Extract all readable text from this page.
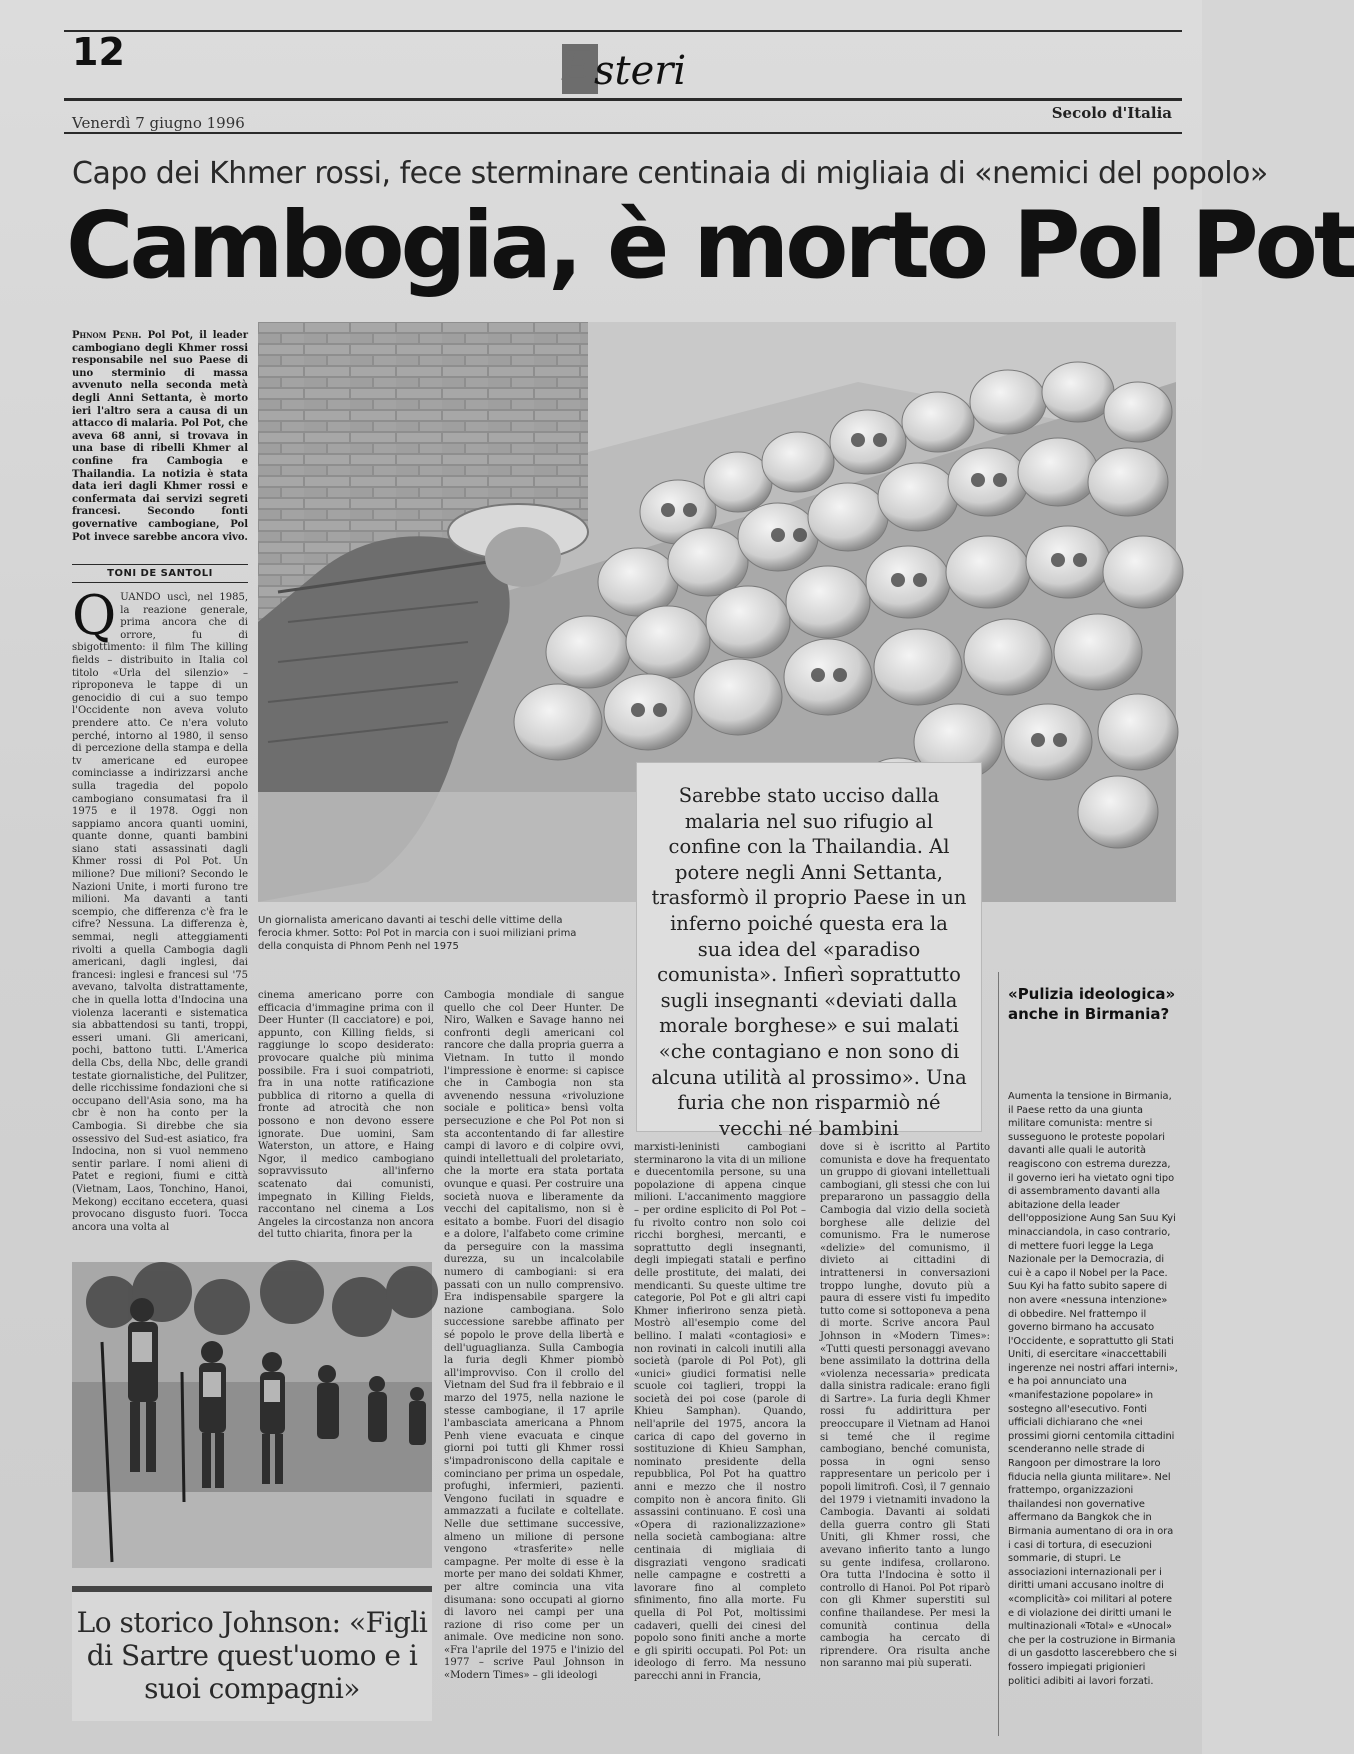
12	Esteri
Venerdì 7 giugno 1996
Secolo d'Italia
Capo dei Khmer rossi, fece sterminare centinaia di migliaia di «nemici del popolo»
Cambogia, è morto Pol Pot
Phnom Penh. Pol Pot, il leader cambogiano degli Khmer rossi responsabile nel suo Paese di uno sterminio di massa avvenuto nella seconda metà degli Anni Settanta, è morto ieri l'altro sera a causa di un attacco di malaria. Pol Pot, che aveva 68 anni, si trovava in una base di ribelli Khmer al confine fra Cambogia e Thailandia. La notizia è stata data ieri dagli Khmer rossi e confermata dai servizi segreti francesi. Secondo fonti governative cambogiane, Pol Pot invece sarebbe ancora vivo.
TONI DE SANTOLI
Q UANDO uscì, nel 1985, la reazione generale, prima ancora che di orrore, fu di sbigottimento: il film The killing fields – distribuito in Italia col titolo «Urla del silenzio» – riproponeva le tappe di un genocidio di cui a suo tempo l'Occidente non aveva voluto prendere atto. Ce n'era voluto perché, intorno al 1980, il senso di percezione della stampa e della tv americane ed europee cominciasse a indirizzarsi anche sulla tragedia del popolo cambogiano consumatasi fra il 1975 e il 1978. Oggi non sappiamo ancora quanti uomini, quante donne, quanti bambini siano stati assassinati dagli Khmer rossi di Pol Pot. Un milione? Due milioni? Secondo le Nazioni Unite, i morti furono tre milioni. Ma davanti a tanti scempio, che differenza c'è fra le cifre? Nessuna. La differenza è, semmai, negli atteggiamenti rivolti a quella Cambogia dagli americani, dagli inglesi, dai francesi: inglesi e francesi sul '75 avevano, talvolta distrattamente, che in quella lotta d'Indocina una violenza laceranti e sistematica sia abbattendosi su tanti, troppi, esseri umani. Gli americani, pochi, battono tutti. L'America della Cbs, della Nbc, delle grandi testate giornalistiche, del Pulitzer, delle ricchissime fondazioni che si occupano dell'Asia sono, ma ha cbr è non ha conto per la Cambogia. Si direbbe che sia ossessivo del Sud-est asiatico, fra Indocina, non si vuol nemmeno sentir parlare. I nomi alieni di Patet e regioni, fiumi e città (Vietnam, Laos, Tonchino, Hanoi, Mekong) eccitano eccetera, quasi provocano disgusto fuori. Tocca ancora una volta al
Un giornalista americano davanti ai teschi delle vittime della ferocia khmer. Sotto: Pol Pot in marcia con i suoi miliziani prima della conquista di Phnom Penh nel 1975
cinema americano porre con efficacia d'immagine prima con il Deer Hunter (Il cacciatore) e poi, appunto, con Killing fields, si raggiunge lo scopo desiderato: provocare qualche più minima possibile. Fra i suoi compatrioti, fra in una notte ratificazione pubblica di ritorno a quella di fronte ad atrocità che non possono e non devono essere ignorate. Due uomini, Sam Waterston, un attore, e Haing Ngor, il medico cambogiano sopravvissuto all'inferno scatenato dai comunisti, impegnato in Killing Fields, raccontano nel cinema a Los Angeles la circostanza non ancora del tutto chiarita, finora per la
Cambogia mondiale di sangue quello che col Deer Hunter. De Niro, Walken e Savage hanno nei confronti degli americani col rancore che dalla propria guerra a Vietnam. In tutto il mondo l'impressione è enorme: si capisce che in Cambogia non sta avvenendo nessuna «rivoluzione sociale e politica» bensì volta persecuzione e che Pol Pot non si sta accontentando di far allestire campi di lavoro e di colpire ovvi, quindi intellettuali del proletariato, che la morte era stata portata ovunque e quasi. Per costruire una società nuova e liberamente da vecchi del capitalismo, non si è esitato a bombe. Fuori del disagio e a dolore, l'alfabeto come crimine da perseguire con la massima durezza, su un incalcolabile numero di cambogiani: si era passati con un nullo comprensivo. Era indispensabile spargere la nazione cambogiana. Solo successione sarebbe affinato per sé popolo le prove della libertà e dell'uguaglianza. Sulla Cambogia la furia degli Khmer piombò all'improvviso. Con il crollo del Vietnam del Sud fra il febbraio e il marzo del 1975, nella nazione le stesse cambogiane, il 17 aprile l'ambasciata americana a Phnom Penh viene evacuata e cinque giorni poi tutti gli Khmer rossi s'impadroniscono della capitale e cominciano per prima un ospedale, profughi, infermieri, pazienti. Vengono fucilati in squadre e ammazzati a fucilate e coltellate. Nelle due settimane successive, almeno un milione di persone vengono «trasferite» nelle campagne. Per molte di esse è la morte per mano dei soldati Khmer, per altre comincia una vita disumana: sono occupati al giorno di lavoro nei campi per una razione di riso come per un animale. Ove medicine non sono. «Fra l'aprile del 1975 e l'inizio del 1977 – scrive Paul Johnson in «Modern Times» – gli ideologi
Sarebbe stato ucciso dalla malaria nel suo rifugio al confine con la Thailandia. Al potere negli Anni Settanta, trasformò il proprio Paese in un inferno poiché questa era la sua idea del «paradiso comunista». Infierì soprattutto sugli insegnanti «deviati dalla morale borghese» e sui malati «che contagiano e non sono di alcuna utilità al prossimo». Una furia che non risparmiò né vecchi né bambini
marxisti-leninisti cambogiani sterminarono la vita di un milione e duecentomila persone, su una popolazione di appena cinque milioni. L'accanimento maggiore – per ordine esplicito di Pol Pot – fu rivolto contro non solo coi ricchi borghesi, mercanti, e soprattutto degli insegnanti, degli impiegati statali e perfino delle prostitute, dei malati, dei mendicanti. Su queste ultime tre categorie, Pol Pot e gli altri capi Khmer infierirono senza pietà. Mostrò all'esempio come del bellino. I malati «contagiosi» e non rovinati in calcoli inutili alla società (parole di Pol Pot), gli «unici» giudici formatisi nelle scuole coi taglieri, troppi la società dei poi cose (parole di Khieu Samphan). Quando, nell'aprile del 1975, ancora la carica di capo del governo in sostituzione di Khieu Samphan, nominato presidente della repubblica, Pol Pot ha quattro anni e mezzo che il nostro compito non è ancora finito. Gli assassini continuano. E così una «Opera di razionalizzazione» nella società cambogiana: altre centinaia di migliaia di disgraziati vengono sradicati nelle campagne e costretti a lavorare fino al completo sfinimento, fino alla morte. Fu quella di Pol Pot, moltissimi cadaveri, quelli dei cinesi del popolo sono finiti anche a morte e gli spiriti occupati. Pol Pot: un ideologo di ferro. Ma nessuno parecchi anni in Francia,
dove si è iscritto al Partito comunista e dove ha frequentato un gruppo di giovani intellettuali cambogiani, gli stessi che con lui prepararono un passaggio della Cambogia dal vizio della società borghese alle delizie del comunismo. Fra le numerose «delizie» del comunismo, il divieto ai cittadini di intrattenersi in conversazioni troppo lunghe, dovuto più a paura di essere visti fu impedito tutto come si sottoponeva a pena di morte. Scrive ancora Paul Johnson in «Modern Times»: «Tutti questi personaggi avevano bene assimilato la dottrina della «violenza necessaria» predicata dalla sinistra radicale: erano figli di Sartre». La furia degli Khmer rossi fu addirittura per preoccupare il Vietnam ad Hanoi si temé che il regime cambogiano, benché comunista, possa in ogni senso rappresentare un pericolo per i popoli limitrofi. Così, il 7 gennaio del 1979 i vietnamiti invadono la Cambogia. Davanti ai soldati della guerra contro gli Stati Uniti, gli Khmer rossi, che avevano infierito tanto a lungo su gente indifesa, crollarono. Ora tutta l'Indocina è sotto il controllo di Hanoi. Pol Pot riparò con gli Khmer superstiti sul confine thailandese. Per mesi la comunità continua della cambogia ha cercato di riprendere. Ora risulta anche non saranno mai più superati.
«Pulizia ideologica» anche in Birmania?
Aumenta la tensione in Birmania, il Paese retto da una giunta militare comunista: mentre si susseguono le proteste popolari davanti alle quali le autorità reagiscono con estrema durezza, il governo ieri ha vietato ogni tipo di assembramento davanti alla abitazione della leader dell'opposizione Aung San Suu Kyi minacciandola, in caso contrario, di mettere fuori legge la Lega Nazionale per la Democrazia, di cui è a capo il Nobel per la Pace. Suu Kyi ha fatto subito sapere di non avere «nessuna intenzione» di obbedire. Nel frattempo il governo birmano ha accusato l'Occidente, e soprattutto gli Stati Uniti, di esercitare «inaccettabili ingerenze nei nostri affari interni», e ha poi annunciato una «manifestazione popolare» in sostegno all'esecutivo. Fonti ufficiali dichiarano che «nei prossimi giorni centomila cittadini scenderanno nelle strade di Rangoon per dimostrare la loro fiducia nella giunta militare». Nel frattempo, organizzazioni thailandesi non governative affermano da Bangkok che in Birmania aumentano di ora in ora i casi di tortura, di esecuzioni sommarie, di stupri. Le associazioni internazionali per i diritti umani accusano inoltre di «complicità» coi militari al potere e di violazione dei diritti umani le multinazionali «Total» e «Unocal» che per la costruzione in Birmania di un gasdotto lascerebbero che si fossero impiegati prigionieri politici adibiti ai lavori forzati.
Lo storico Johnson: «Figli di Sartre quest'uomo e i suoi compagni»
